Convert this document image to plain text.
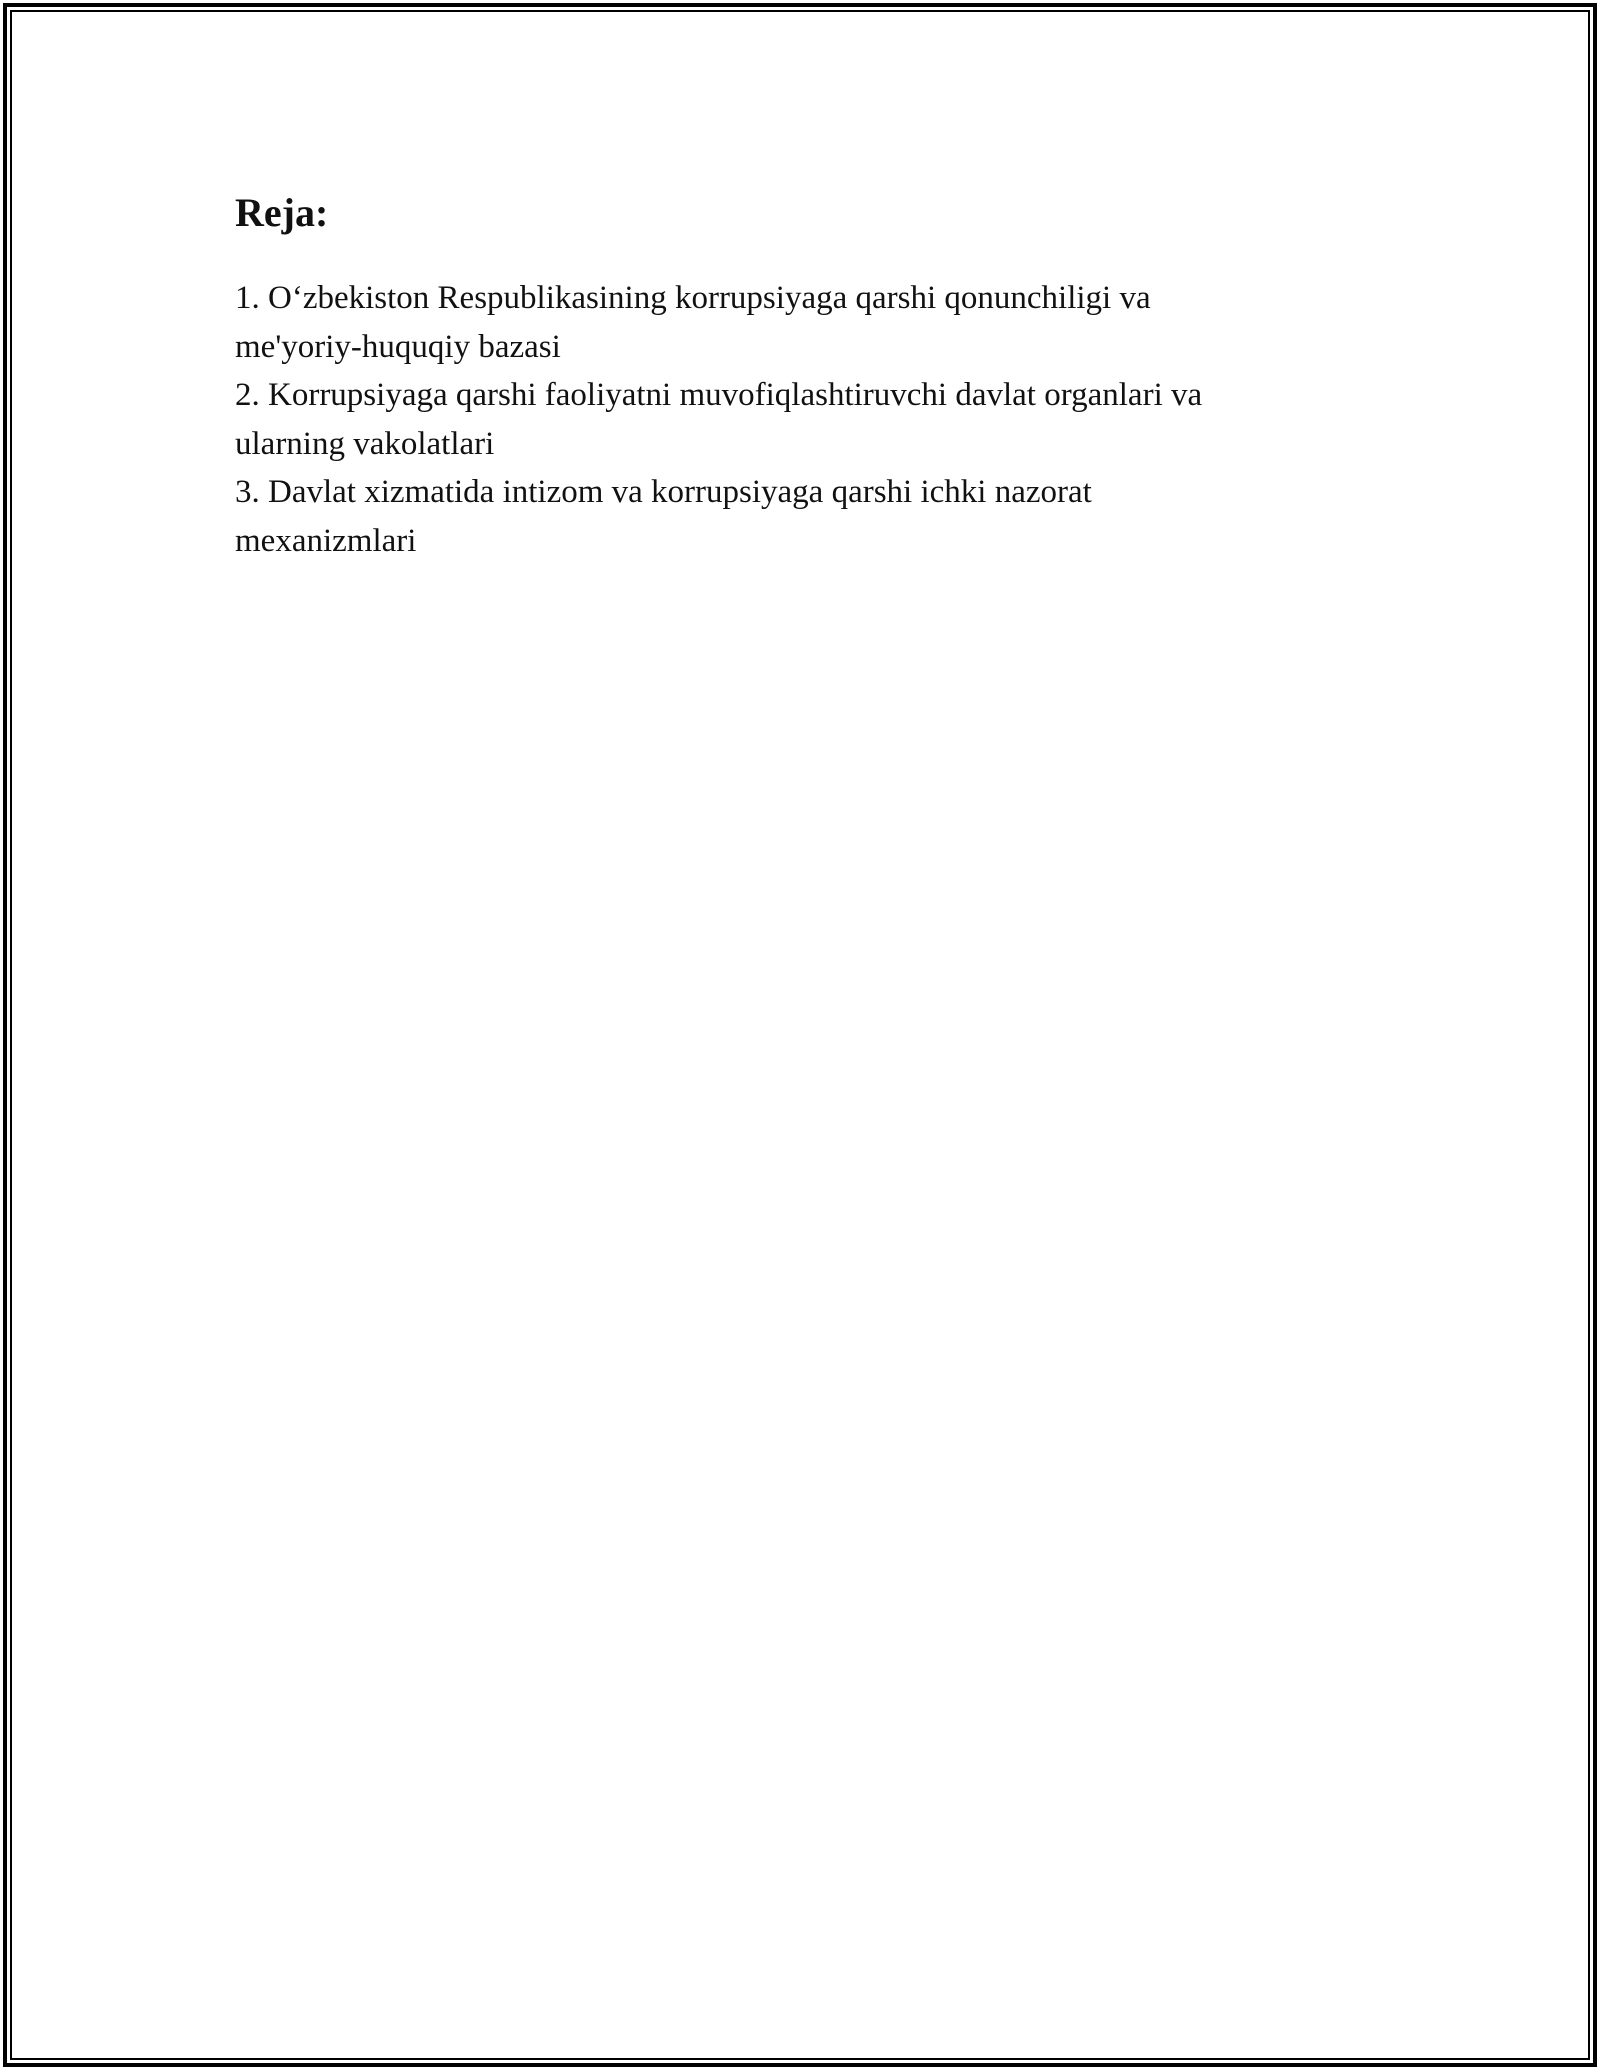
Reja:
1. O‘zbekiston Respublikasining korrupsiyaga qarshi qonunchiligi va
me'yoriy-huquqiy bazasi
2. Korrupsiyaga qarshi faoliyatni muvofiqlashtiruvchi davlat organlari va
ularning vakolatlari
3. Davlat xizmatida intizom va korrupsiyaga qarshi ichki nazorat
mexanizmlari
